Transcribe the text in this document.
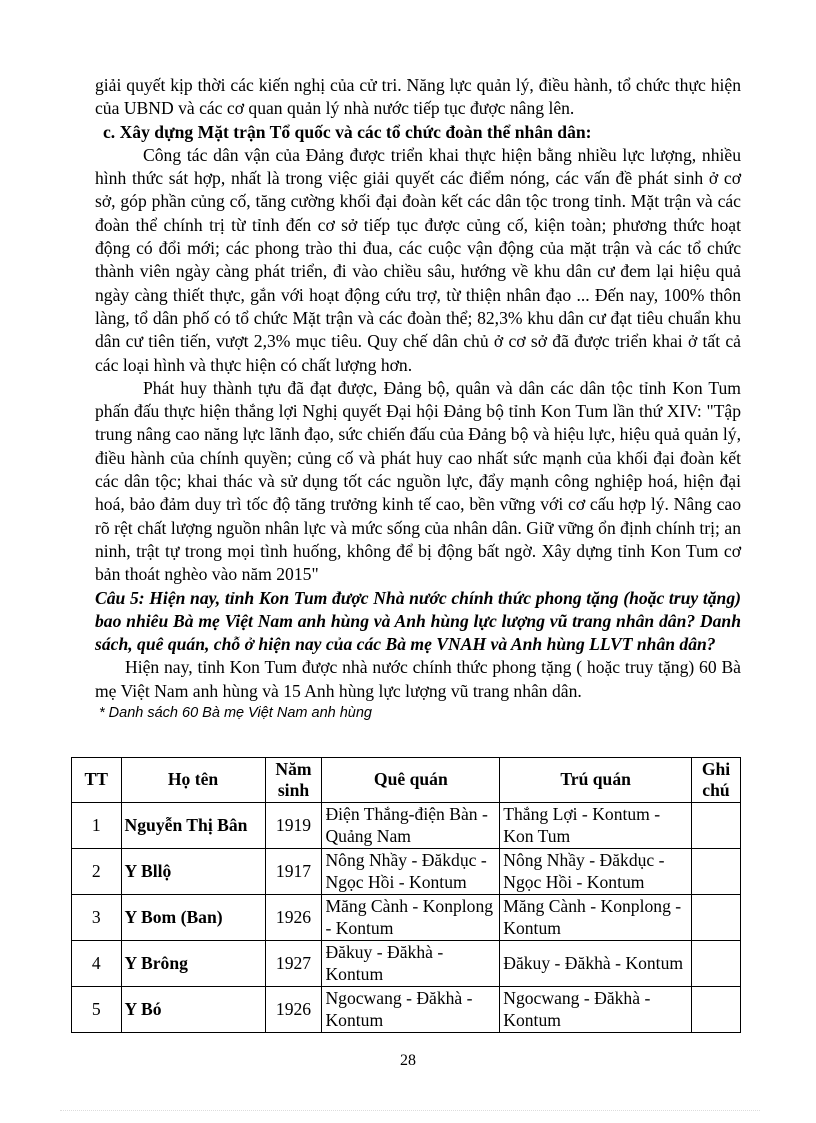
giải quyết kịp thời các kiến nghị của cử tri. Năng lực quản lý, điều hành, tổ chức thực hiện của UBND và các cơ quan quản lý nhà nước tiếp tục được nâng lên.

c. Xây dựng Mặt trận Tổ quốc và các tổ chức đoàn thể nhân dân:

Công tác dân vận của Đảng được triển khai thực hiện bằng nhiều lực lượng, nhiều hình thức sát hợp, nhất là trong việc giải quyết các điểm nóng, các vấn đề phát sinh ở cơ sở, góp phần củng cố, tăng cường khối đại đoàn kết các dân tộc trong tỉnh. Mặt trận và các đoàn thể chính trị từ tỉnh đến cơ sở tiếp tục được củng cố, kiện toàn; phương thức hoạt động có đổi mới; các phong trào thi đua, các cuộc vận động của mặt trận và các tổ chức thành viên ngày càng phát triển, đi vào chiều sâu, hướng về khu dân cư đem lại hiệu quả ngày càng thiết thực, gắn với hoạt động cứu trợ, từ thiện nhân đạo ... Đến nay, 100% thôn làng, tổ dân phố có tổ chức Mặt trận và các đoàn thể; 82,3% khu dân cư đạt tiêu chuẩn khu dân cư tiên tiến, vượt 2,3% mục tiêu. Quy chế dân chủ ở cơ sở đã được triển khai ở tất cả các loại hình và thực hiện có chất lượng hơn.

Phát huy thành tựu đã đạt được, Đảng bộ, quân và dân các dân tộc tỉnh Kon Tum phấn đấu thực hiện thắng lợi Nghị quyết Đại hội Đảng bộ tỉnh Kon Tum lần thứ XIV: "Tập trung nâng cao năng lực lãnh đạo, sức chiến đấu của Đảng bộ và hiệu lực, hiệu quả quản lý, điều hành của chính quyền; củng cố và phát huy cao nhất sức mạnh của khối đại đoàn kết các dân tộc; khai thác và sử dụng tốt các nguồn lực, đẩy mạnh công nghiệp hoá, hiện đại hoá, bảo đảm duy trì tốc độ tăng trưởng kinh tế cao, bền vững với cơ cấu hợp lý. Nâng cao rõ rệt chất lượng nguồn nhân lực và mức sống của nhân dân. Giữ vững ổn định chính trị; an ninh, trật tự trong mọi tình huống, không để bị động bất ngờ. Xây dựng tỉnh Kon Tum cơ bản thoát nghèo vào năm 2015"

Câu 5: Hiện nay, tỉnh Kon Tum được Nhà nước chính thức phong tặng (hoặc truy tặng) bao nhiêu Bà mẹ Việt Nam anh hùng và Anh hùng lực lượng vũ trang nhân dân? Danh sách, quê quán, chỗ ở hiện nay của các Bà mẹ VNAH và Anh hùng LLVT nhân dân?

Hiện nay, tỉnh Kon Tum được nhà nước chính thức phong tặng ( hoặc truy tặng) 60 Bà mẹ Việt Nam anh hùng và 15 Anh hùng lực lượng vũ trang nhân dân.

* Danh sách 60 Bà mẹ Việt Nam anh hùng

TT	Họ tên	Năm sinh	Quê quán	Trú quán	Ghi chú
1	Nguyễn Thị Bân	1919	Điện Thắng-điện Bàn - Quảng Nam	Thắng Lợi - Kontum - Kon Tum	
2	Y Bllộ	1917	Nông Nhầy - Đăkdục - Ngọc Hồi - Kontum	Nông Nhầy - Đăkdục - Ngọc Hồi - Kontum	
3	Y Bom (Ban)	1926	Măng Cành - Konplong - Kontum	Măng Cành - Konplong - Kontum	
4	Y Brông	1927	Đăkuy - Đăkhà - Kontum	Đăkuy - Đăkhà - Kontum	
5	Y Bó	1926	Ngocwang - Đăkhà - Kontum	Ngocwang - Đăkhà - Kontum	
28
